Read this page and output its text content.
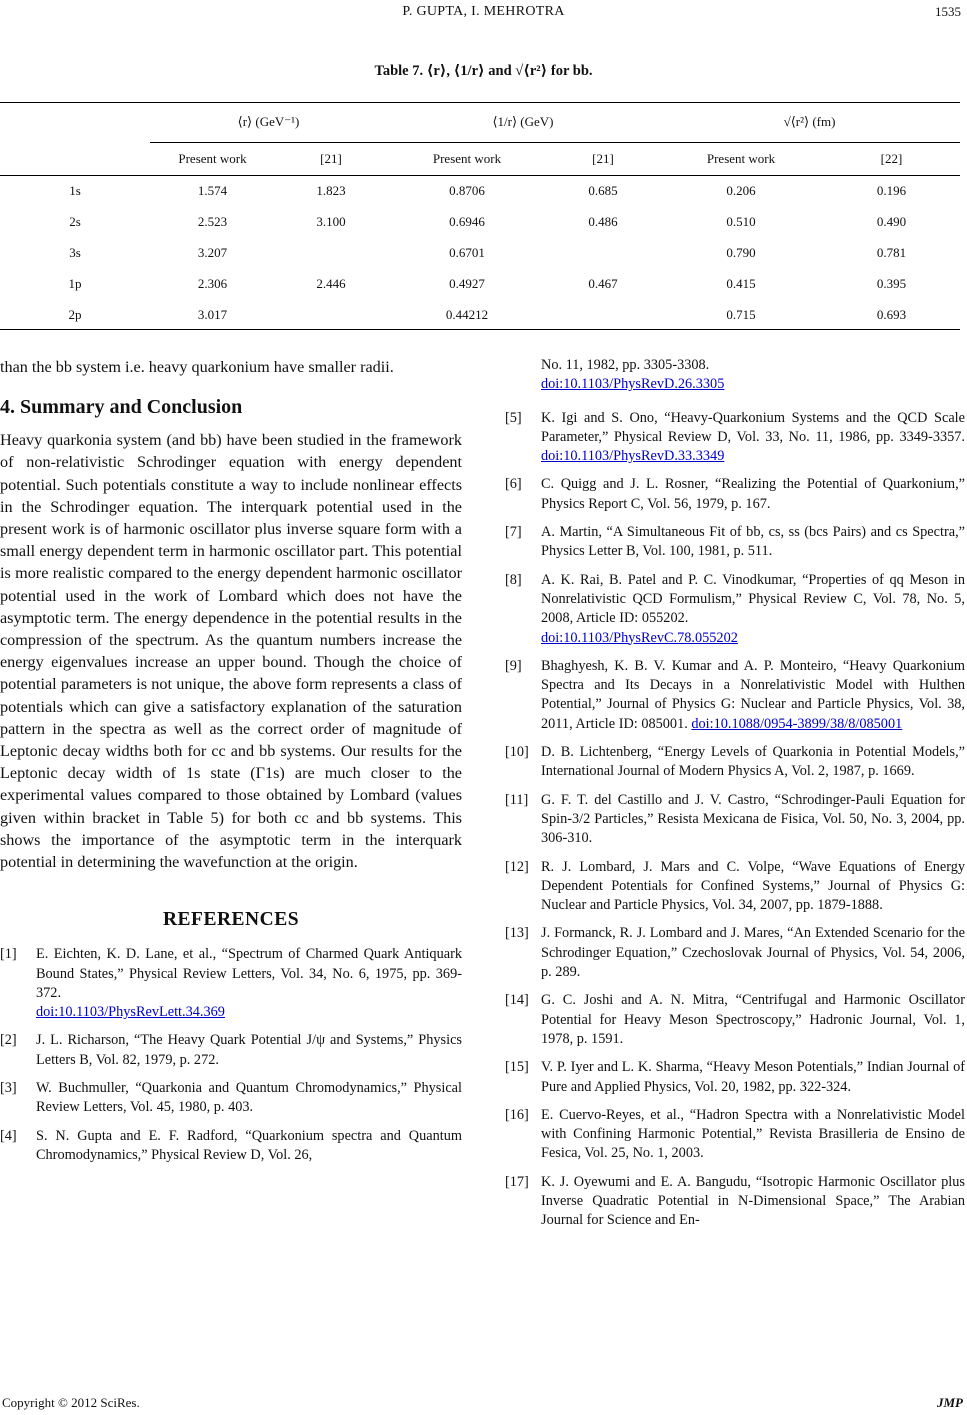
P. GUPTA, I. MEHROTRA	1535
Table 7. ⟨r⟩, ⟨1/r⟩ and √⟨r²⟩ for bb.
	⟨r⟩ (GeV⁻¹)		⟨1/r⟩ (GeV)		√⟨r²⟩ (fm)	
	Present work	[21]	Present work	[21]	Present work	[22]
1s	1.574	1.823	0.8706	0.685	0.206	0.196
2s	2.523	3.100	0.6946	0.486	0.510	0.490
3s	3.207		0.6701		0.790	0.781
1p	2.306	2.446	0.4927	0.467	0.415	0.395
2p	3.017		0.44212		0.715	0.693

than the bb system i.e. heavy quarkonium have smaller radii.

4. Summary and Conclusion

Heavy quarkonia system (and bb) have been studied in the framework of non-relativistic Schrodinger equation with energy dependent potential. Such potentials constitute a way to include nonlinear effects in the Schrodinger equation. The interquark potential used in the present work is of harmonic oscillator plus inverse square form with a small energy dependent term in harmonic oscillator part. This potential is more realistic compared to the energy dependent harmonic oscillator potential used in the work of Lombard which does not have the asymptotic term. The energy dependence in the potential results in the compression of the spectrum. As the quantum numbers increase the energy eigenvalues increase an upper bound. Though the choice of potential parameters is not unique, the above form represents a class of potentials which can give a satisfactory explanation of the saturation pattern in the spectra as well as the correct order of magnitude of Leptonic decay widths both for cc and bb systems. Our results for the Leptonic decay width of 1s state (Γ1s) are much closer to the experimental values compared to those obtained by Lombard (values given within bracket in Table 5) for both cc and bb systems. This shows the importance of the asymptotic term in the interquark potential in determining the wavefunction at the origin.

REFERENCES
[1] E. Eichten, K. D. Lane, et al., “Spectrum of Charmed Quark Antiquark Bound States,” Physical Review Letters, Vol. 34, No. 6, 1975, pp. 369-372.
doi:10.1103/PhysRevLett.34.369
[2] J. L. Richarson, “The Heavy Quark Potential J/ψ and Systems,” Physics Letters B, Vol. 82, 1979, p. 272.
[3] W. Buchmuller, “Quarkonia and Quantum Chromodynamics,” Physical Review Letters, Vol. 45, 1980, p. 403.
[4] S. N. Gupta and E. F. Radford, “Quarkonium spectra and Quantum Chromodynamics,” Physical Review D, Vol. 26,
No. 11, 1982, pp. 3305-3308.
doi:10.1103/PhysRevD.26.3305
[5] K. Igi and S. Ono, “Heavy-Quarkonium Systems and the QCD Scale Parameter,” Physical Review D, Vol. 33, No. 11, 1986, pp. 3349-3357. doi:10.1103/PhysRevD.33.3349
[6] C. Quigg and J. L. Rosner, “Realizing the Potential of Quarkonium,” Physics Report C, Vol. 56, 1979, p. 167.
[7] A. Martin, “A Simultaneous Fit of bb, cs, ss (bcs Pairs) and cs Spectra,” Physics Letter B, Vol. 100, 1981, p. 511.
[8] A. K. Rai, B. Patel and P. C. Vinodkumar, “Properties of qq Meson in Nonrelativistic QCD Formulism,” Physical Review C, Vol. 78, No. 5, 2008, Article ID: 055202.
doi:10.1103/PhysRevC.78.055202
[9] Bhaghyesh, K. B. V. Kumar and A. P. Monteiro, “Heavy Quarkonium Spectra and Its Decays in a Nonrelativistic Model with Hulthen Potential,” Journal of Physics G: Nuclear and Particle Physics, Vol. 38, 2011, Article ID: 085001. doi:10.1088/0954-3899/38/8/085001
[10] D. B. Lichtenberg, “Energy Levels of Quarkonia in Potential Models,” International Journal of Modern Physics A, Vol. 2, 1987, p. 1669.
[11] G. F. T. del Castillo and J. V. Castro, “Schrodinger-Pauli Equation for Spin-3/2 Particles,” Resista Mexicana de Fisica, Vol. 50, No. 3, 2004, pp. 306-310.
[12] R. J. Lombard, J. Mars and C. Volpe, “Wave Equations of Energy Dependent Potentials for Confined Systems,” Journal of Physics G: Nuclear and Particle Physics, Vol. 34, 2007, pp. 1879-1888.
[13] J. Formanck, R. J. Lombard and J. Mares, “An Extended Scenario for the Schrodinger Equation,” Czechoslovak Journal of Physics, Vol. 54, 2006, p. 289.
[14] G. C. Joshi and A. N. Mitra, “Centrifugal and Harmonic Oscillator Potential for Heavy Meson Spectroscopy,” Hadronic Journal, Vol. 1, 1978, p. 1591.
[15] V. P. Iyer and L. K. Sharma, “Heavy Meson Potentials,” Indian Journal of Pure and Applied Physics, Vol. 20, 1982, pp. 322-324.
[16] E. Cuervo-Reyes, et al., “Hadron Spectra with a Nonrelativistic Model with Confining Harmonic Potential,” Revista Brasilleria de Ensino de Fesica, Vol. 25, No. 1, 2003.
[17] K. J. Oyewumi and E. A. Bangudu, “Isotropic Harmonic Oscillator plus Inverse Quadratic Potential in N-Dimensional Space,” The Arabian Journal for Science and En-
Copyright © 2012 SciRes.	JMP
